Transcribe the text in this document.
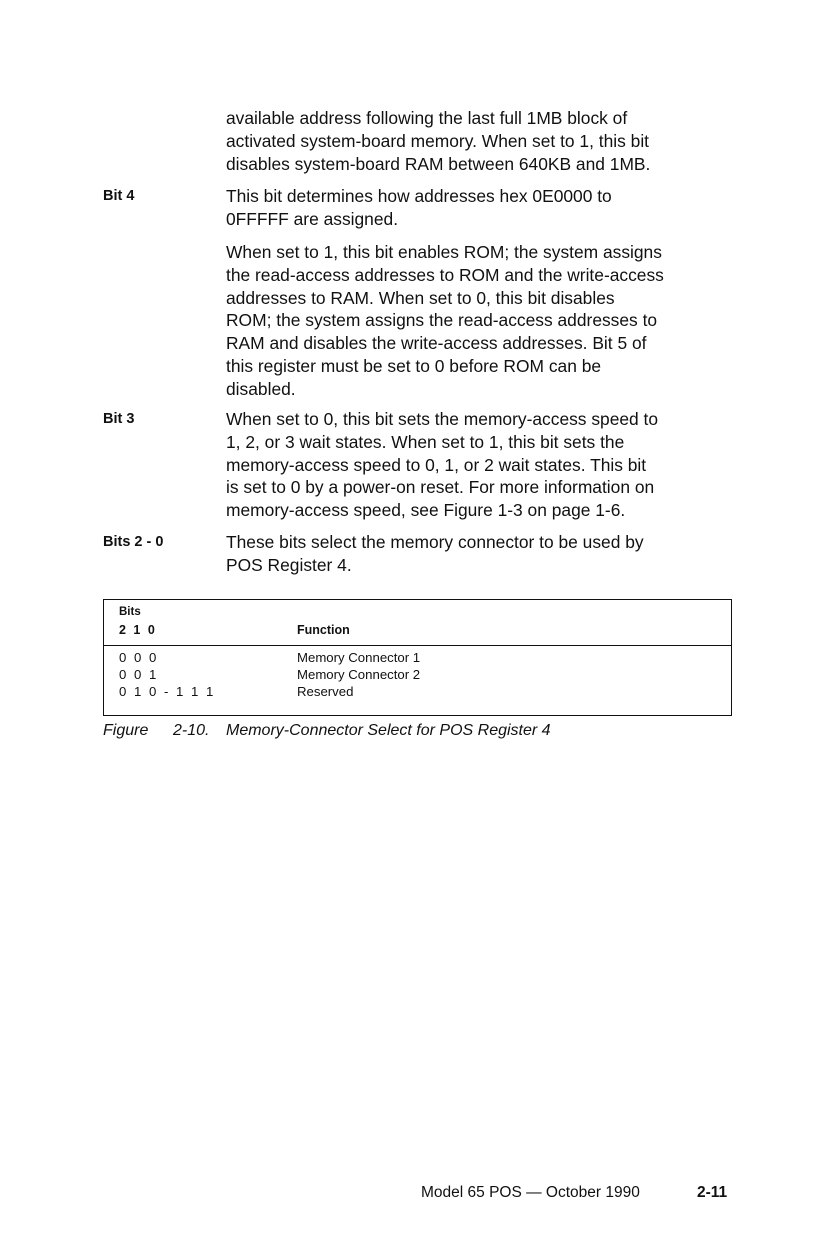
available address following the last full 1MB block of
activated system-board memory. When set to 1, this bit
disables system-board RAM between 640KB and 1MB.
Bit 4	This bit determines how addresses hex 0E0000 to
0FFFFF are assigned.
When set to 1, this bit enables ROM; the system assigns
the read-access addresses to ROM and the write-access
addresses to RAM. When set to 0, this bit disables
ROM; the system assigns the read-access addresses to
RAM and disables the write-access addresses. Bit 5 of
this register must be set to 0 before ROM can be
disabled.
Bit 3	When set to 0, this bit sets the memory-access speed to
1, 2, or 3 wait states. When set to 1, this bit sets the
memory-access speed to 0, 1, or 2 wait states. This bit
is set to 0 by a power-on reset. For more information on
memory-access speed, see Figure 1-3 on page 1-6.
Bits 2 - 0	These bits select the memory connector to be used by
POS Register 4.
Bits
2 1 0	Function
0 0 0	Memory Connector 1
0 0 1	Memory Connector 2
0 1 0 - 1 1 1	Reserved
Figure 2-10. Memory-Connector Select for POS Register 4
Model 65 POS — October 1990	2-11
